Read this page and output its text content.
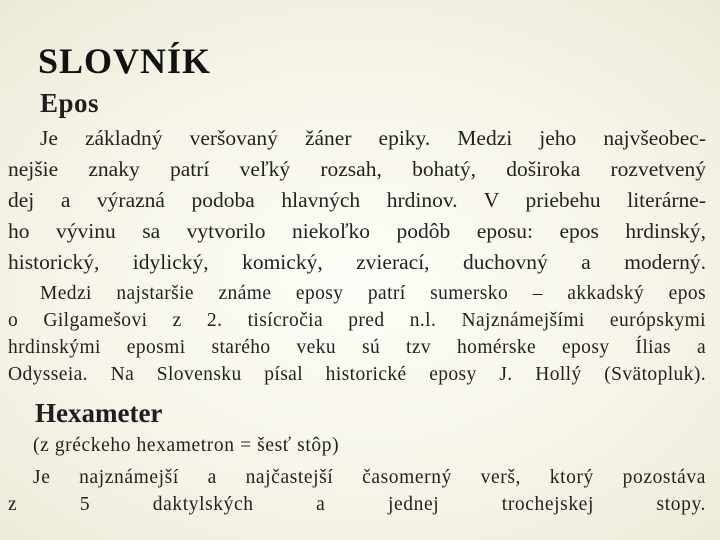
SLOVNÍK
Epos
Je základný veršovaný žáner epiky. Medzi jeho najvšeobec-
nejšie znaky patrí veľký rozsah, bohatý, doširoka rozvetvený
dej a výrazná podoba hlavných hrdinov. V priebehu literárne-
ho vývinu sa vytvorilo niekoľko podôb eposu: epos hrdinský,
historický, idylický, komický, zvierací, duchovný a moderný.
Medzi najstaršie známe eposy patrí sumersko – akkadský epos
o Gilgamešovi z 2. tisícročia pred n.l. Najznámejšími európskymi
hrdinskými eposmi starého veku sú tzv homérske eposy Ílias a
Odysseia. Na Slovensku písal historické eposy J. Hollý (Svätopluk).
Hexameter
(z gréckeho hexametron = šesť stôp)
Je najznámejší a najčastejší časomerný verš, ktorý pozostáva
z 5 daktylských a jednej trochejskej stopy.
